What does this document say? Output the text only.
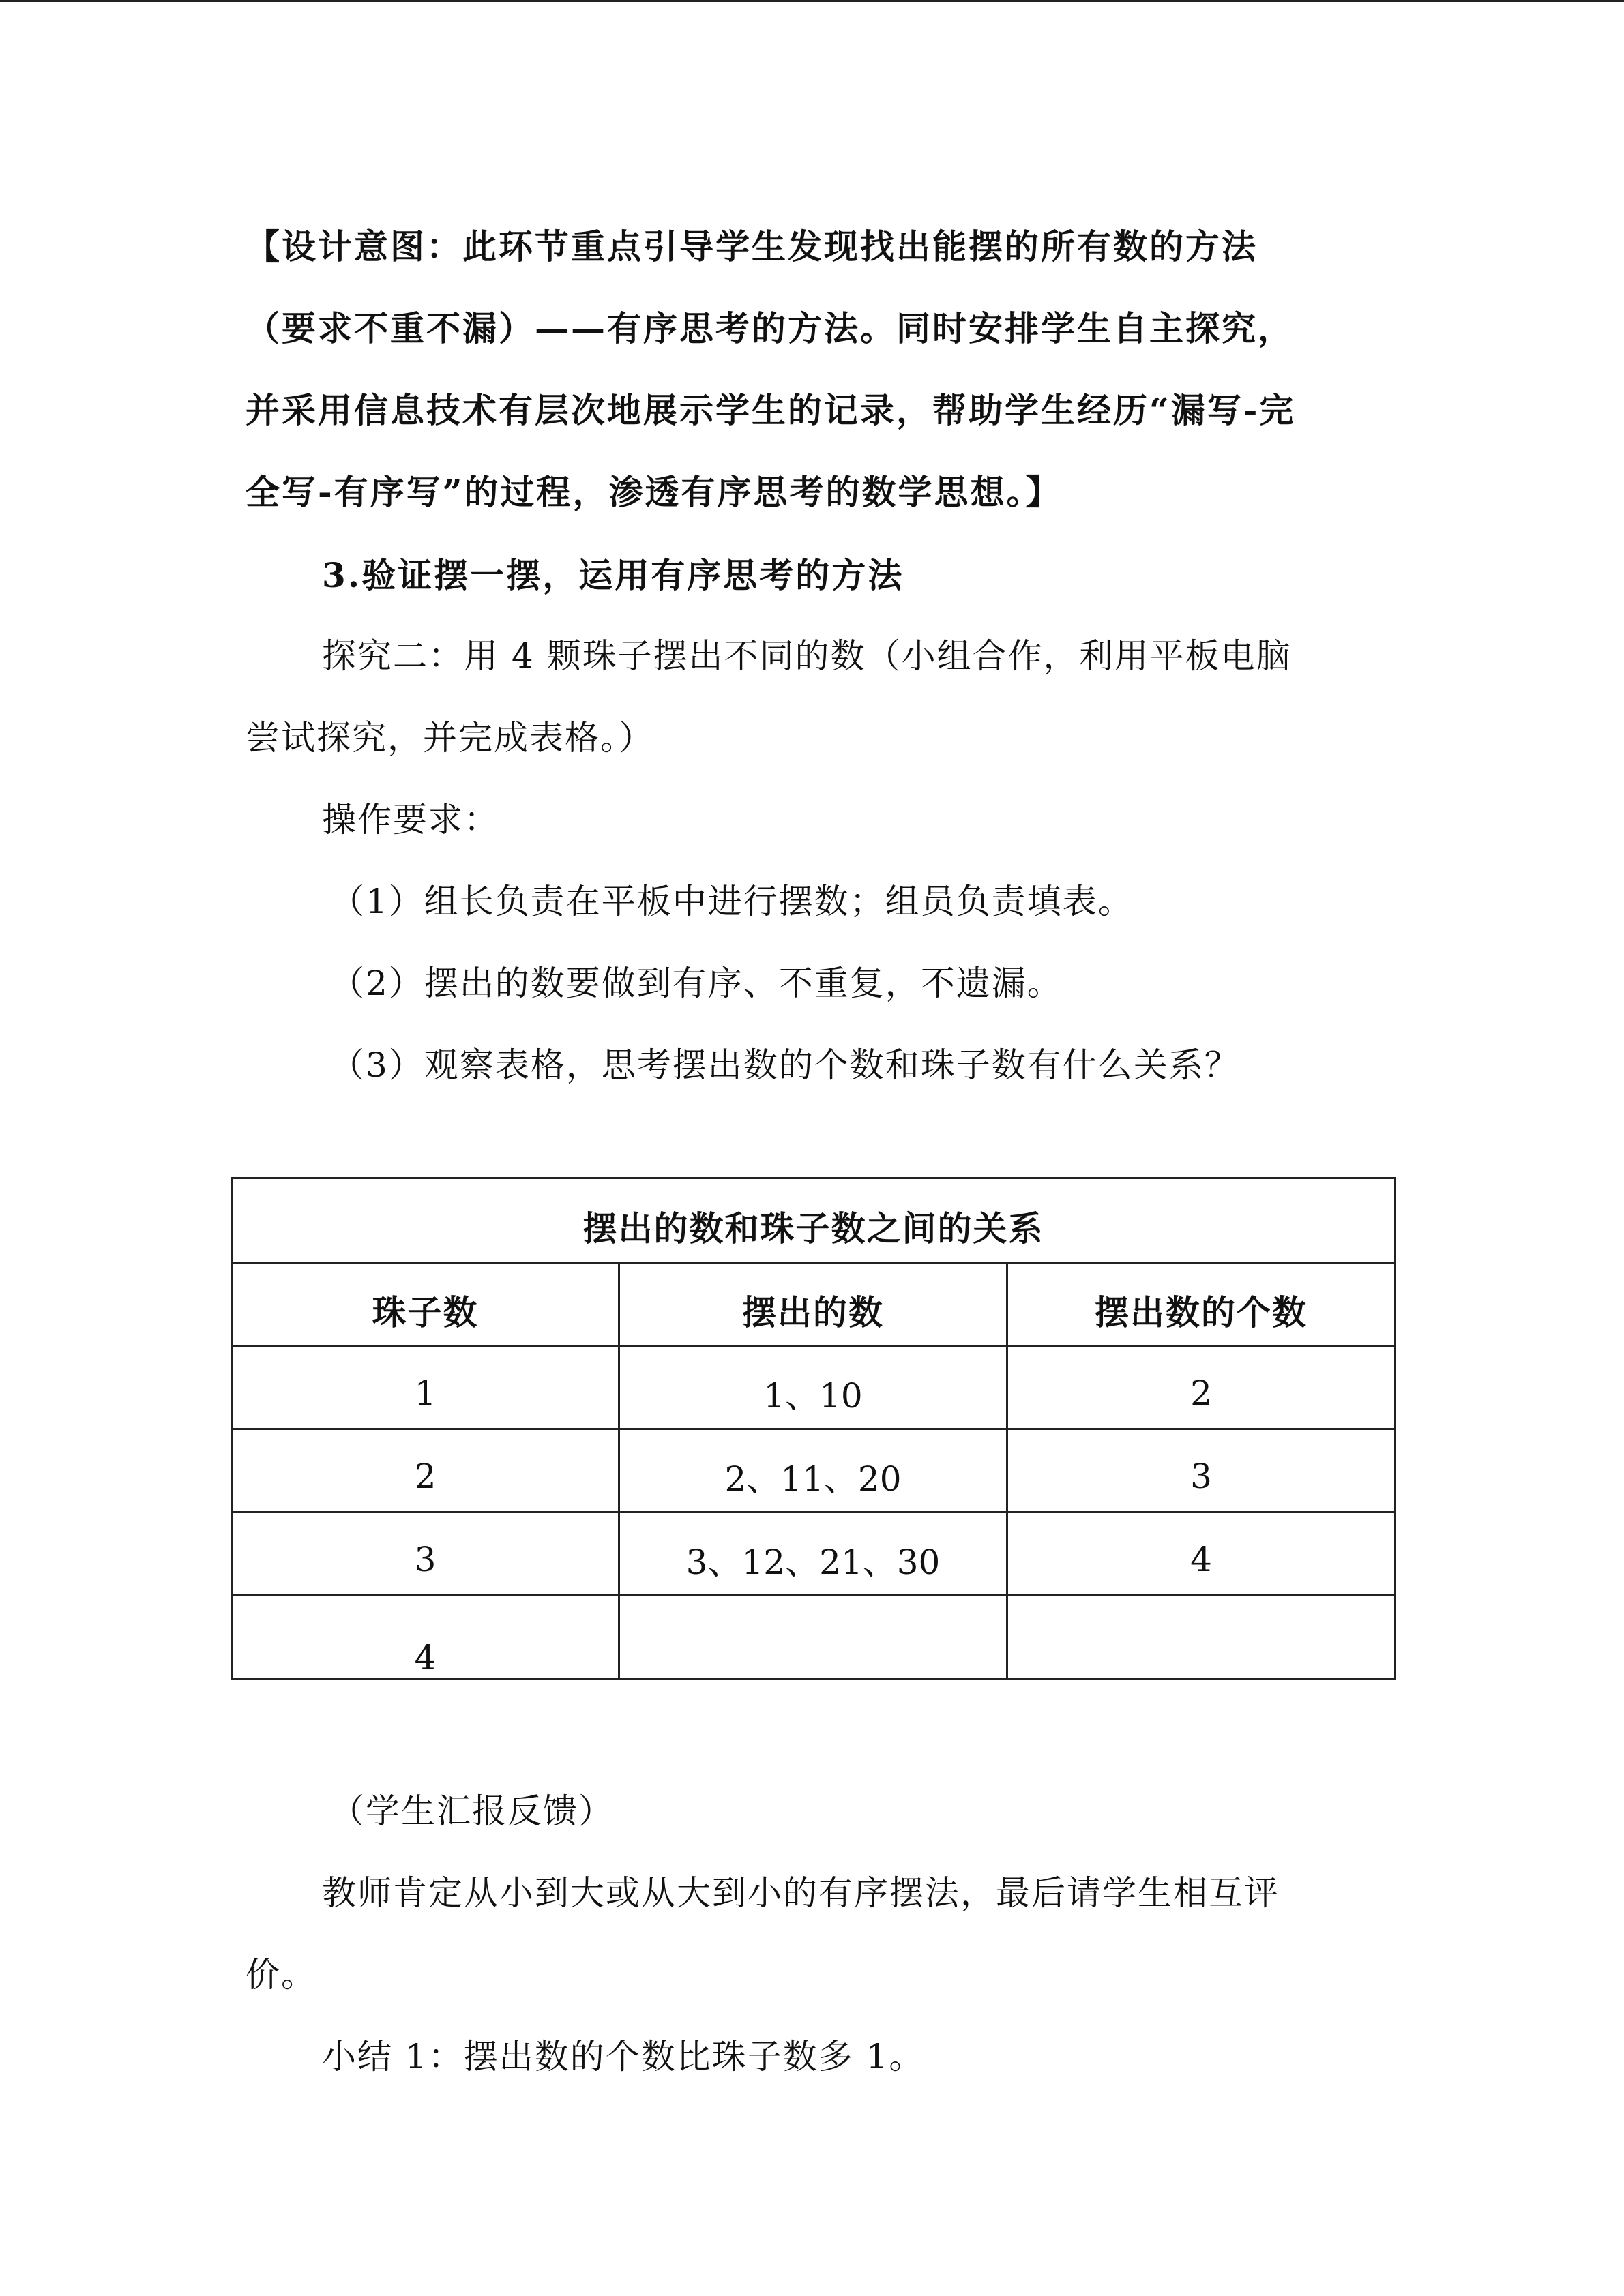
【设计意图：此环节重点引导学生发现找出能摆的所有数的方法
（要求不重不漏）——有序思考的方法。同时安排学生自主探究，
并采用信息技术有层次地展示学生的记录，帮助学生经历“漏写-完
全写-有序写”的过程，渗透有序思考的数学思想。】
3.验证摆一摆，运用有序思考的方法
探究二：用 4 颗珠子摆出不同的数（小组合作，利用平板电脑
尝试探究，并完成表格。）
操作要求：
（1）组长负责在平板中进行摆数；组员负责填表。
（2）摆出的数要做到有序、不重复，不遗漏。
（3）观察表格，思考摆出数的个数和珠子数有什么关系？
摆出的数和珠子数之间的关系		
珠子数	摆出的数	摆出数的个数
1	1、10	2
2	2、11、20	3
3	3、12、21、30	4
4		
（学生汇报反馈）
教师肯定从小到大或从大到小的有序摆法，最后请学生相互评
价。
小结 1：摆出数的个数比珠子数多 1。
